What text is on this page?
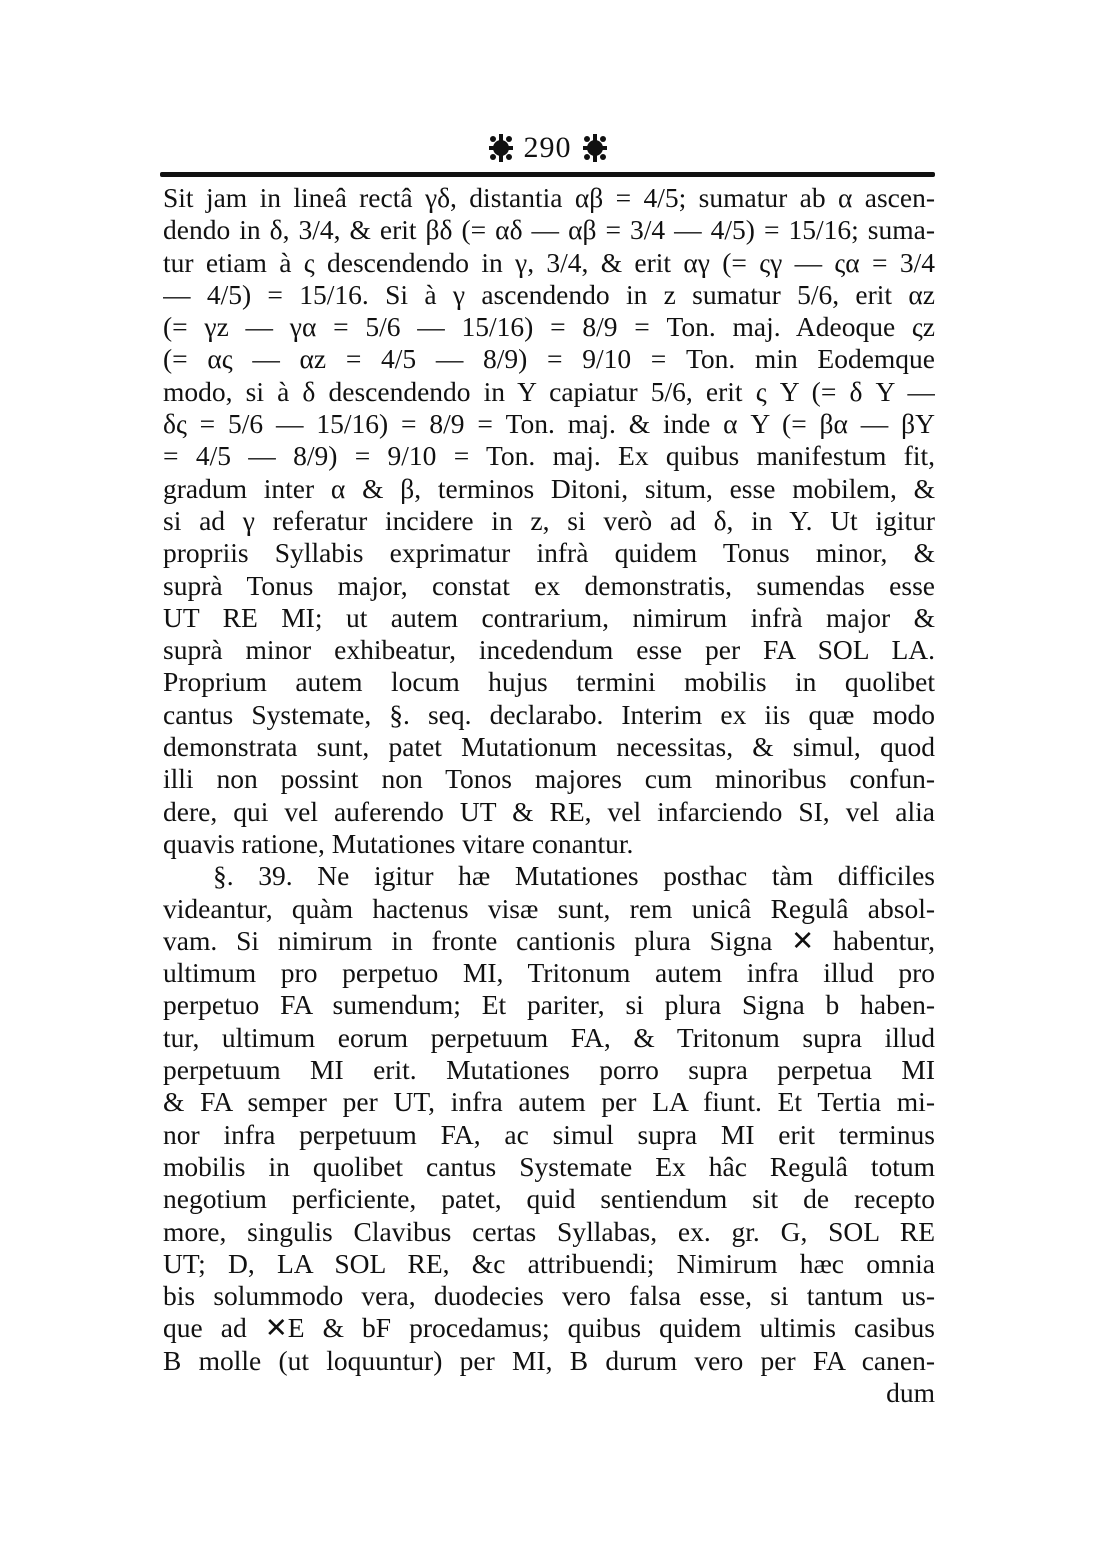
290
Sit jam in lineâ rectâ γδ, distantia αβ = 4/5; sumatur ab α ascen-
dendo in δ, 3/4, & erit βδ (= αδ — αβ = 3/4 — 4/5) = 15/16; suma-
tur etiam à ς descendendo in γ, 3/4, & erit αγ (= ςγ — ςα = 3/4
— 4/5) = 15/16. Si à γ ascendendo in z sumatur 5/6, erit αz
(= γz — γα = 5/6 — 15/16) = 8/9 = Ton. maj. Adeoque ςz
(= ας — αz = 4/5 — 8/9) = 9/10 = Ton. min Eodemque
modo, si à δ descendendo in Y capiatur 5/6, erit ς Y (= δ Y —
δς = 5/6 — 15/16) = 8/9 = Ton. maj. & inde α Y (= βα — βY
= 4/5 — 8/9) = 9/10 = Ton. maj. Ex quibus manifestum fit,
gradum inter α & β, terminos Ditoni, situm, esse mobilem, &
si ad γ referatur incidere in z, si verò ad δ, in Y. Ut igitur
propriis Syllabis exprimatur infrà quidem Tonus minor, &
suprà Tonus major, constat ex demonstratis, sumendas esse
UT RE MI; ut autem contrarium, nimirum infrà major &
suprà minor exhibeatur, incedendum esse per FA SOL LA.
Proprium autem locum hujus termini mobilis in quolibet
cantus Systemate, §. seq. declarabo. Interim ex iis quæ modo
demonstrata sunt, patet Mutationum necessitas, & simul, quod
illi non possint non Tonos majores cum minoribus confun-
dere, qui vel auferendo UT & RE, vel infarciendo SI, vel alia
quavis ratione, Mutationes vitare conantur.
§. 39. Ne igitur hæ Mutationes posthac tàm difficiles
videantur, quàm hactenus visæ sunt, rem unicâ Regulâ absol-
vam. Si nimirum in fronte cantionis plura Signa ✕ habentur,
ultimum pro perpetuo MI, Tritonum autem infra illud pro
perpetuo FA sumendum; Et pariter, si plura Signa b haben-
tur, ultimum eorum perpetuum FA, & Tritonum supra illud
perpetuum MI erit. Mutationes porro supra perpetua MI
& FA semper per UT, infra autem per LA fiunt. Et Tertia mi-
nor infra perpetuum FA, ac simul supra MI erit terminus
mobilis in quolibet cantus Systemate Ex hâc Regulâ totum
negotium perficiente, patet, quid sentiendum sit de recepto
more, singulis Clavibus certas Syllabas, ex. gr. G, SOL RE
UT; D, LA SOL RE, &c attribuendi; Nimirum hæc omnia
bis solummodo vera, duodecies vero falsa esse, si tantum us-
que ad ✕E & bF procedamus; quibus quidem ultimis casibus
B molle (ut loquuntur) per MI, B durum vero per FA canen-
dum
